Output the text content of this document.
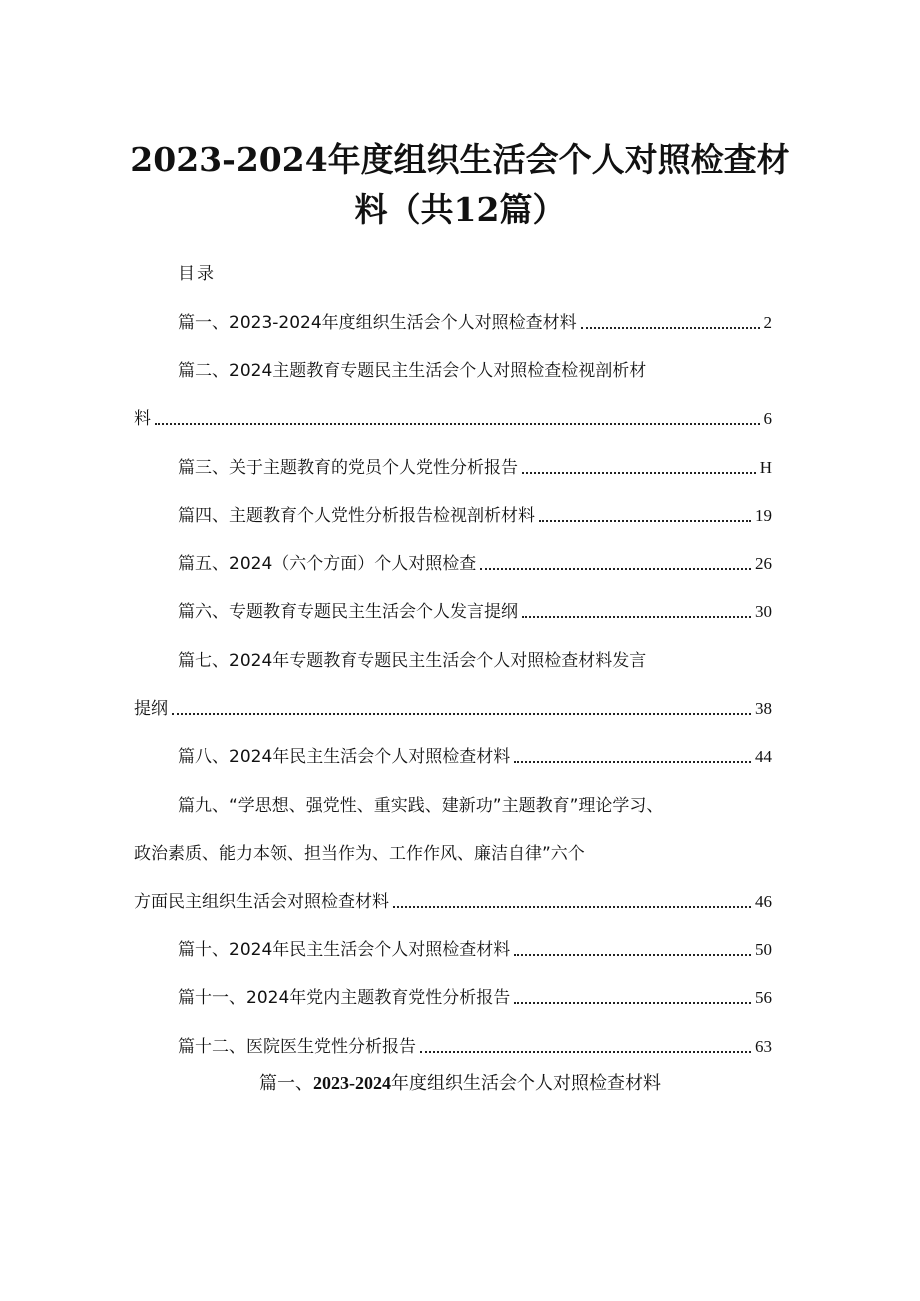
2023-2024年度组织生活会个人对照检查材
料（共12篇）
目录
篇一、2023-2024年度组织生活会个人对照检查材料	2
篇二、2024主题教育专题民主生活会个人对照检查检视剖析材
料	6
篇三、关于主题教育的党员个人党性分析报告	H
篇四、主题教育个人党性分析报告检视剖析材料	19
篇五、2024（六个方面）个人对照检查	26
篇六、专题教育专题民主生活会个人发言提纲	30
篇七、2024年专题教育专题民主生活会个人对照检查材料发言
提纲	38
篇八、2024年民主生活会个人对照检查材料	44
篇九、“学思想、强党性、重实践、建新功”主题教育”理论学习、
政治素质、能力本领、担当作为、工作作风、廉洁自律”六个
方面民主组织生活会对照检查材料	46
篇十、2024年民主生活会个人对照检查材料	50
篇十一、2024年党内主题教育党性分析报告	56
篇十二、医院医生党性分析报告	63
篇一、2023-2024年度组织生活会个人对照检查材料
